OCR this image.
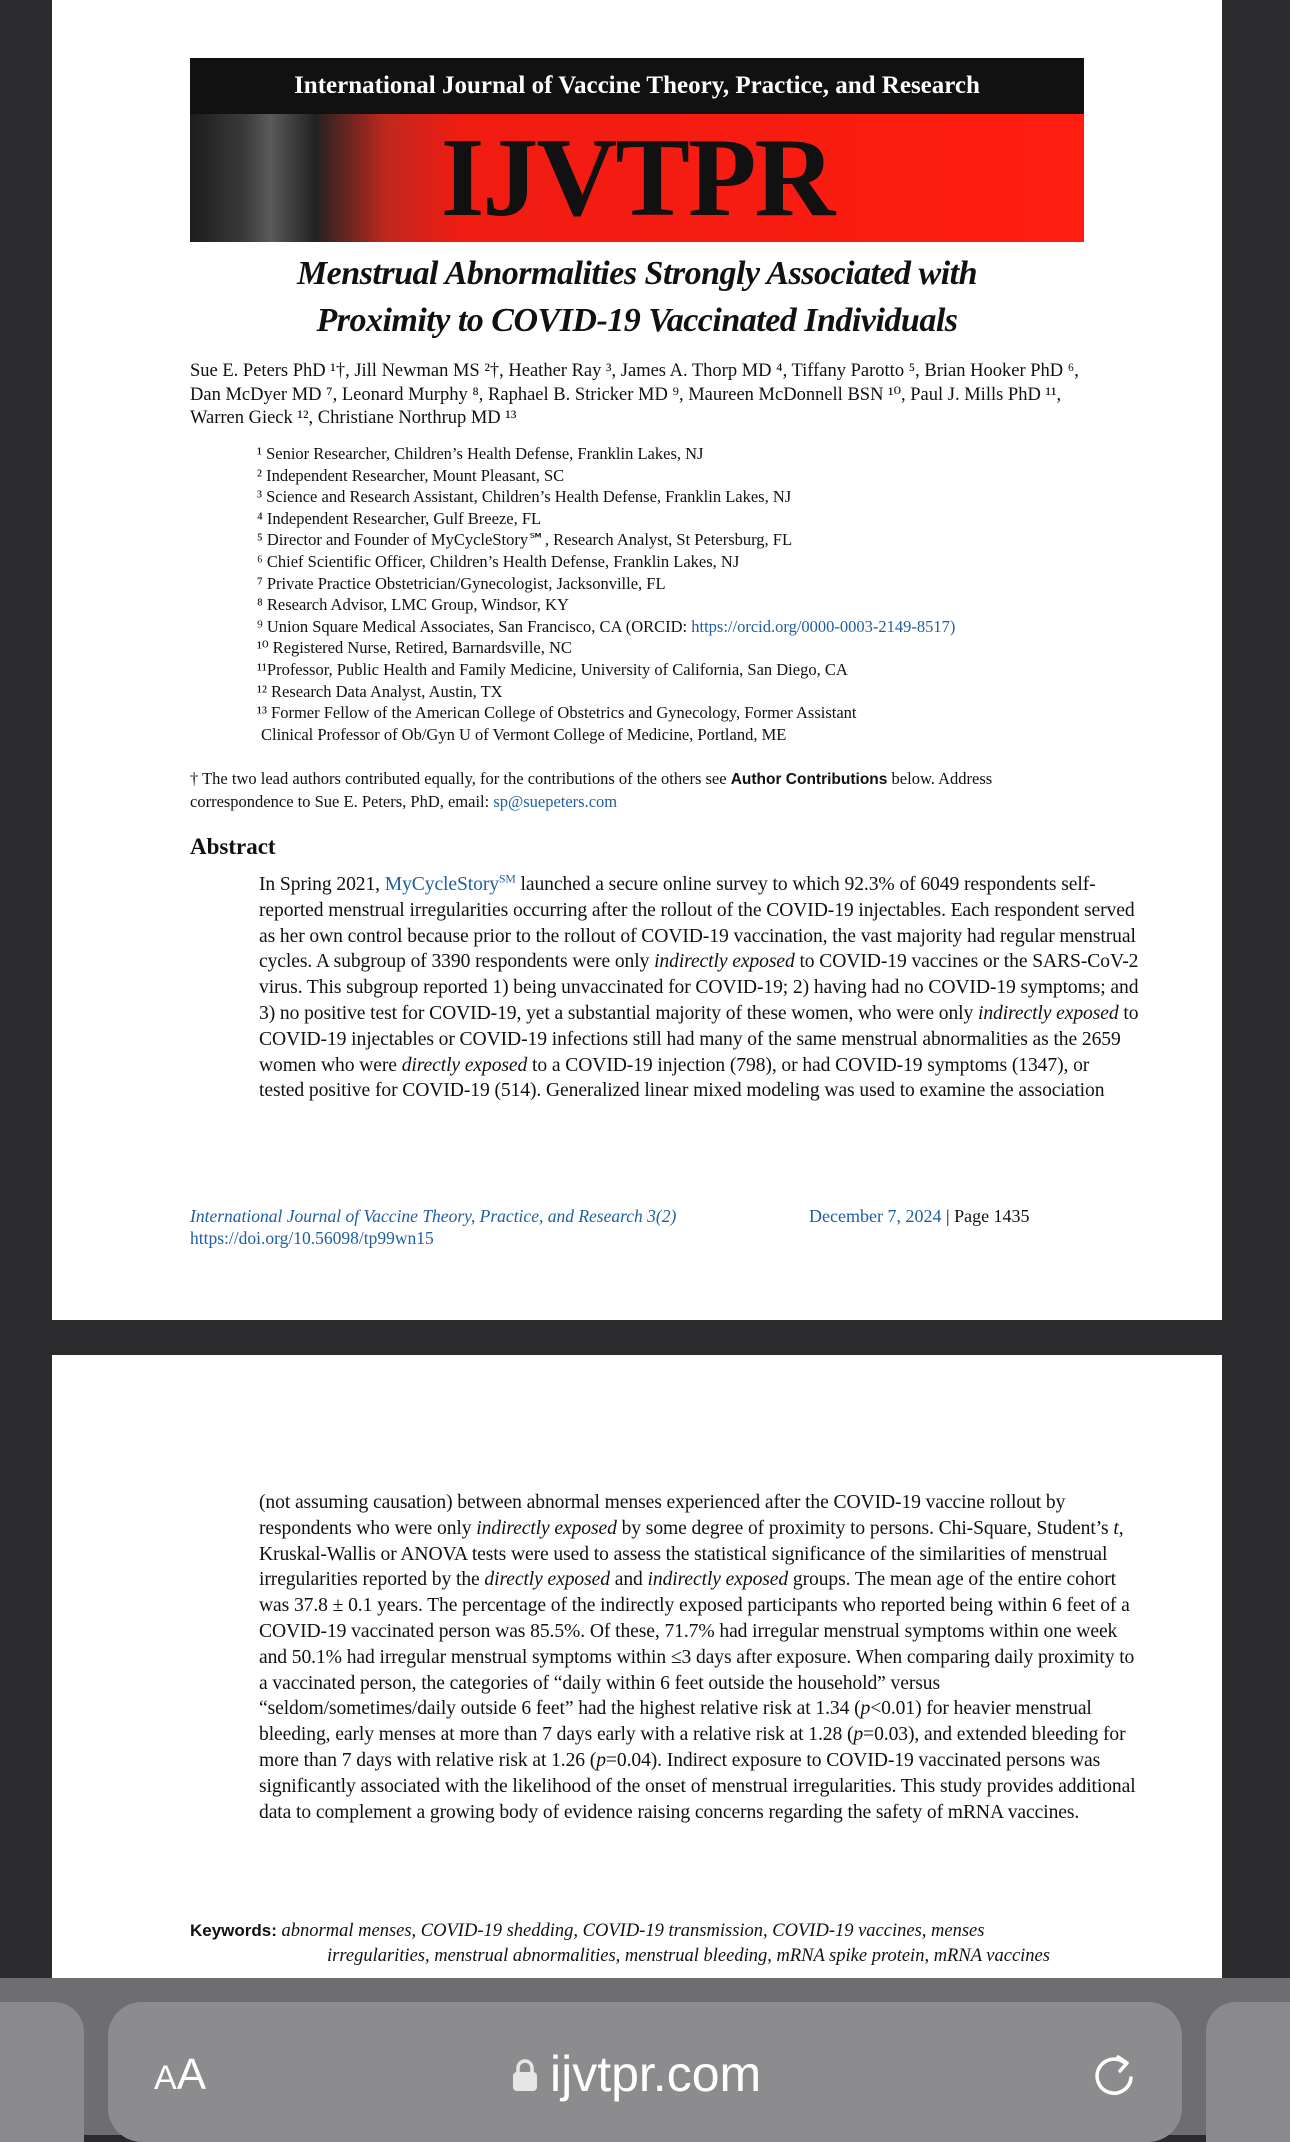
International Journal of Vaccine Theory, Practice, and Research
IJVTPR
Menstrual Abnormalities Strongly Associated with
Proximity to COVID-19 Vaccinated Individuals
Sue E. Peters PhD ¹†, Jill Newman MS ²†, Heather Ray ³, James A. Thorp MD ⁴, Tiffany Parotto ⁵, Brian Hooker PhD ⁶, Dan McDyer MD ⁷, Leonard Murphy ⁸, Raphael B. Stricker MD ⁹, Maureen McDonnell BSN ¹⁰, Paul J. Mills PhD ¹¹, Warren Gieck ¹², Christiane Northrup MD ¹³
¹ Senior Researcher, Children’s Health Defense, Franklin Lakes, NJ
² Independent Researcher, Mount Pleasant, SC
³ Science and Research Assistant, Children’s Health Defense, Franklin Lakes, NJ
⁴ Independent Researcher, Gulf Breeze, FL
⁵ Director and Founder of MyCycleStory℠, Research Analyst, St Petersburg, FL
⁶ Chief Scientific Officer, Children’s Health Defense, Franklin Lakes, NJ
⁷ Private Practice Obstetrician/Gynecologist, Jacksonville, FL
⁸ Research Advisor, LMC Group, Windsor, KY
⁹ Union Square Medical Associates, San Francisco, CA (ORCID: https://orcid.org/0000-0003-2149-8517)
¹⁰ Registered Nurse, Retired, Barnardsville, NC
¹¹Professor, Public Health and Family Medicine, University of California, San Diego, CA
¹² Research Data Analyst, Austin, TX
¹³ Former Fellow of the American College of Obstetrics and Gynecology, Former Assistant
Clinical Professor of Ob/Gyn U of Vermont College of Medicine, Portland, ME
† The two lead authors contributed equally, for the contributions of the others see Author Contributions below. Address correspondence to Sue E. Peters, PhD, email: sp@suepeters.com
Abstract
In Spring 2021, MyCycleStory℠ launched a secure online survey to which 92.3% of 6049 respondents self-reported menstrual irregularities occurring after the rollout of the COVID-19 injectables. Each respondent served as her own control because prior to the rollout of COVID-19 vaccination, the vast majority had regular menstrual cycles. A subgroup of 3390 respondents were only indirectly exposed to COVID-19 vaccines or the SARS-CoV-2 virus. This subgroup reported 1) being unvaccinated for COVID-19; 2) having had no COVID-19 symptoms; and 3) no positive test for COVID-19, yet a substantial majority of these women, who were only indirectly exposed to COVID-19 injectables or COVID-19 infections still had many of the same menstrual abnormalities as the 2659 women who were directly exposed to a COVID-19 injection (798), or had COVID-19 symptoms (1347), or tested positive for COVID-19 (514). Generalized linear mixed modeling was used to examine the association
International Journal of Vaccine Theory, Practice, and Research 3(2)
https://doi.org/10.56098/tp99wn15
December 7, 2024 | Page 1435
(not assuming causation) between abnormal menses experienced after the COVID-19 vaccine rollout by respondents who were only indirectly exposed by some degree of proximity to persons. Chi-Square, Student’s t, Kruskal-Wallis or ANOVA tests were used to assess the statistical significance of the similarities of menstrual irregularities reported by the directly exposed and indirectly exposed groups. The mean age of the entire cohort was 37.8 ± 0.1 years. The percentage of the indirectly exposed participants who reported being within 6 feet of a COVID-19 vaccinated person was 85.5%. Of these, 71.7% had irregular menstrual symptoms within one week and 50.1% had irregular menstrual symptoms within ≤3 days after exposure. When comparing daily proximity to a vaccinated person, the categories of “daily within 6 feet outside the household” versus “seldom/sometimes/daily outside 6 feet” had the highest relative risk at 1.34 (p<0.01) for heavier menstrual bleeding, early menses at more than 7 days early with a relative risk at 1.28 (p=0.03), and extended bleeding for more than 7 days with relative risk at 1.26 (p=0.04). Indirect exposure to COVID-19 vaccinated persons was significantly associated with the likelihood of the onset of menstrual irregularities. This study provides additional data to complement a growing body of evidence raising concerns regarding the safety of mRNA vaccines.
Keywords: abnormal menses, COVID-19 shedding, COVID-19 transmission, COVID-19 vaccines, menses
irregularities, menstrual abnormalities, menstrual bleeding, mRNA spike protein, mRNA vaccines
AA	ijvtpr.com
